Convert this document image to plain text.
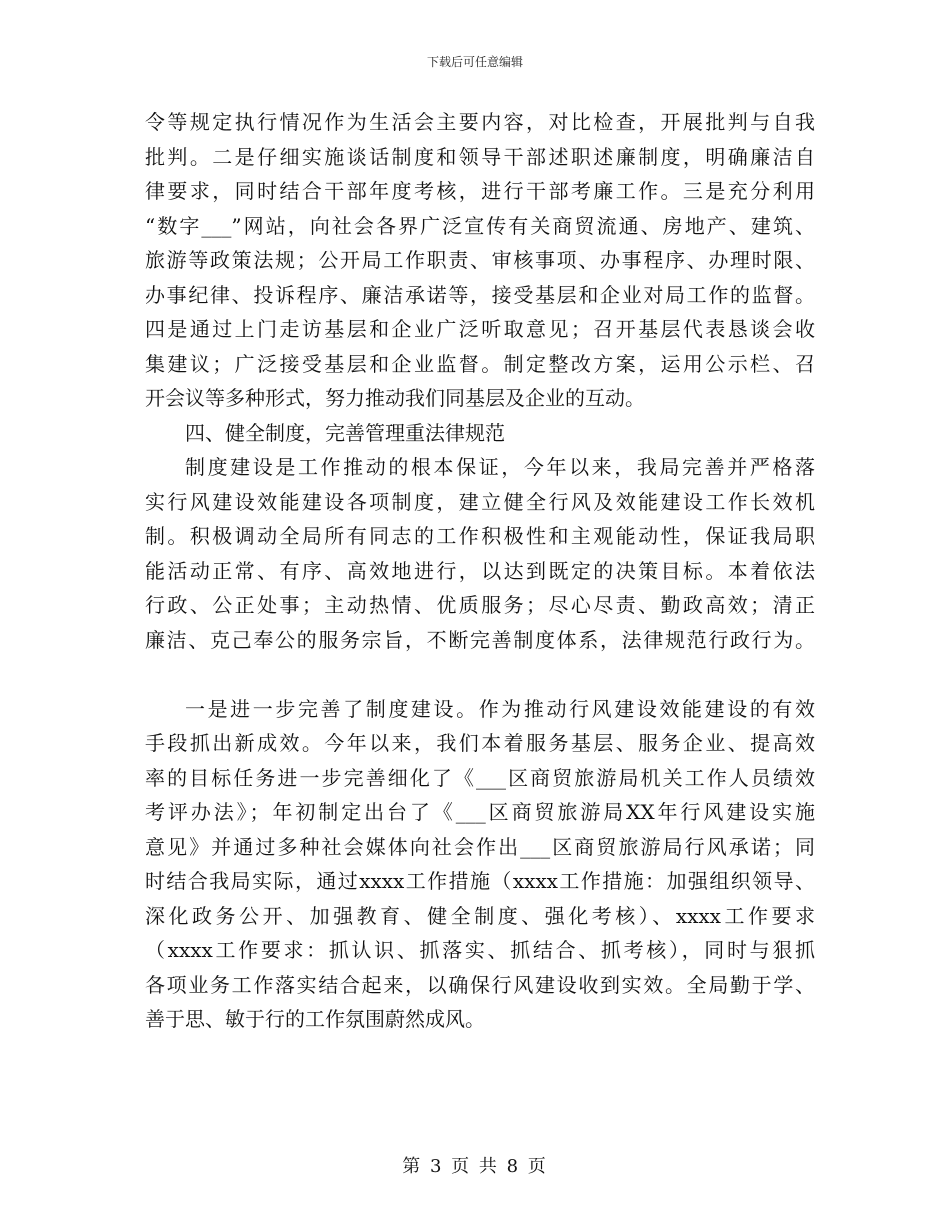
下载后可任意编辑
令等规定执行情况作为生活会主要内容，对比检查，开展批判与自我
批判。二是仔细实施谈话制度和领导干部述职述廉制度，明确廉洁自
律要求，同时结合干部年度考核，进行干部考廉工作。三是充分利用
“数字___”网站，向社会各界广泛宣传有关商贸流通、房地产、建筑、
旅游等政策法规；公开局工作职责、审核事项、办事程序、办理时限、
办事纪律、投诉程序、廉洁承诺等，接受基层和企业对局工作的监督。
四是通过上门走访基层和企业广泛听取意见；召开基层代表恳谈会收
集建议；广泛接受基层和企业监督。制定整改方案，运用公示栏、召
开会议等多种形式，努力推动我们同基层及企业的互动。
四、健全制度，完善管理重法律规范
制度建设是工作推动的根本保证，今年以来，我局完善并严格落
实行风建设效能建设各项制度，建立健全行风及效能建设工作长效机
制。积极调动全局所有同志的工作积极性和主观能动性，保证我局职
能活动正常、有序、高效地进行，以达到既定的决策目标。本着依法
行政、公正处事；主动热情、优质服务；尽心尽责、勤政高效；清正
廉洁、克己奉公的服务宗旨，不断完善制度体系，法律规范行政行为。
一是进一步完善了制度建设。作为推动行风建设效能建设的有效
手段抓出新成效。今年以来，我们本着服务基层、服务企业、提高效
率的目标任务进一步完善细化了《___区商贸旅游局机关工作人员绩效
考评办法》；年初制定出台了《___区商贸旅游局XX年行风建设实施
意见》并通过多种社会媒体向社会作出___区商贸旅游局行风承诺；同
时结合我局实际，通过xxxx工作措施（xxxx工作措施：加强组织领导、
深化政务公开、加强教育、健全制度、强化考核）、xxxx工作要求
（xxxx工作要求：抓认识、抓落实、抓结合、抓考核），同时与狠抓
各项业务工作落实结合起来，以确保行风建设收到实效。全局勤于学、
善于思、敏于行的工作氛围蔚然成风。
第 3 页 共 8 页
